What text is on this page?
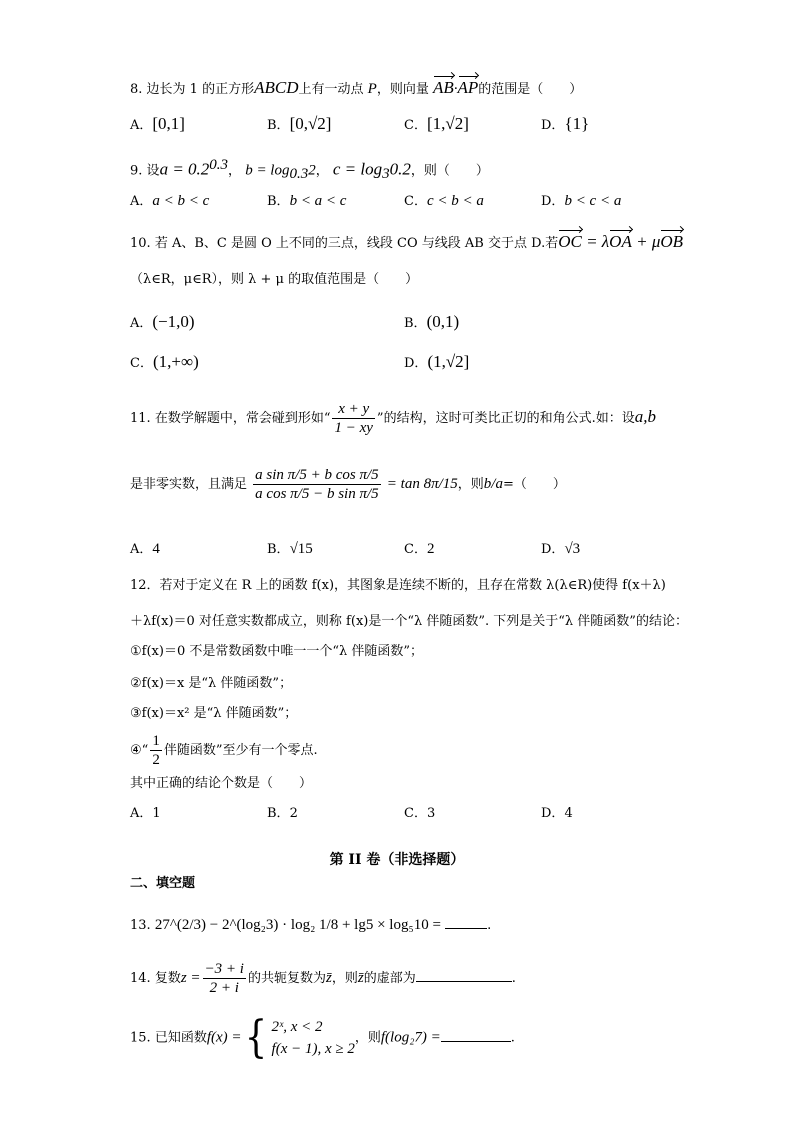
8. 边长为 1 的正方形ABCD上有一动点 P，则向量 AB·AP的范围是（　　）
A．[0,1]	B．[0,√2]	C．[1,√2]	D．{1}
9. 设$a = 0.2^{0.3}$， $b = \log_{0.3}2$， $c = \log_30.2$，则（　　）
A．a < b < c	B．b < a < c	C．c < b < a	D．b < c < a
10. 若 A、B、C 是圆 O 上不同的三点，线段 CO 与线段 AB 交于点 D.若OC = λOA + μOB
（λ∈R，μ∈R），则 λ + μ 的取值范围是（　　）
A．(−1,0)	B．(0,1)
C．(1,+∞)	D．(1,√2]
11. 在数学解题中，常会碰到形如“ $\frac{x + y}{1 - xy}$ ”的结构，这时可类比正切的和角公式.如：设a,b
是非零实数，且满足 $\frac{\text{a sin π/5 + b cos π/5}}{\text{a cos π/5 − b sin π/5}} = \tan 8\pi/15$，则b/a=（　　）
A．4	B．√15	C．2	D．√3
12．若对于定义在 R 上的函数 f(x)，其图象是连续不断的，且存在常数 λ(λ∈R)使得 f(x＋λ)
＋λf(x)＝0 对任意实数都成立，则称 f(x)是一个“λ 伴随函数”. 下列是关于“λ 伴随函数”的结论：
①f(x)＝0 不是常数函数中唯一一个“λ 伴随函数”；
②f(x)＝x 是“λ 伴随函数”；
③f(x)＝x² 是“λ 伴随函数”；
④“ $\frac{1}{2}$ 伴随函数”至少有一个零点.
其中正确的结论个数是（　　）
A．1	B．2	C．3	D．4
第 II 卷（非选择题）
二、填空题
13. 27^(2/3) − 2^(log₂3) · log₂ 1/8 + lg5 × log₅10 =	.
14. 复数$z = \frac{-3 + i}{2 + i}$ 的共轭复数为z̄，则z̄的虚部为	.
15. 已知函数f(x) ={ 2ˣ, x < 2
f(x − 1), x ≥ 2
，则f(log₂7) =	.
